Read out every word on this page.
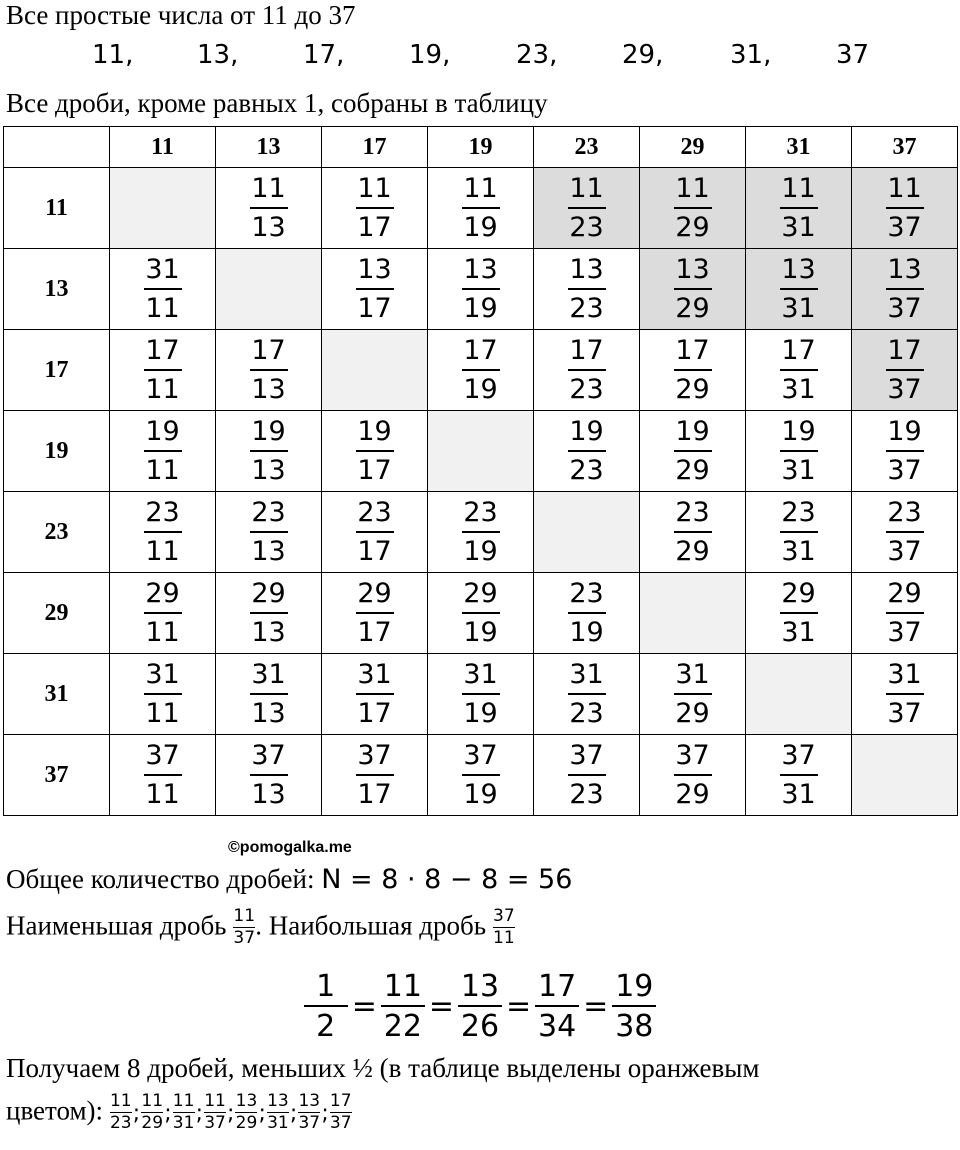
Все простые числа от 11 до 37
11, 13, 17, 19,	23, 29,	31, 37
Все дроби, кроме равных 1, собраны в таблицу
	11	13	17	19	23	29	31	37
11		$\frac{11}{13}$	$\frac{11}{17}$	$\frac{11}{19}$	$\frac{11}{23}$	$\frac{11}{29}$	$\frac{11}{31}$	$\frac{11}{37}$

13	$\frac{31}{11}$		$\frac{13}{17}$	$\frac{13}{19}$	$\frac{13}{23}$	$\frac{13}{29}$	$\frac{13}{31}$	$\frac{13}{37}$

17	$\frac{17}{11}$	$\frac{17}{13}$		$\frac{17}{19}$	$\frac{17}{23}$	$\frac{17}{29}$	$\frac{17}{31}$	$\frac{17}{37}$

19	$\frac{19}{11}$	$\frac{19}{13}$	$\frac{19}{17}$		$\frac{19}{23}$	$\frac{19}{29}$	$\frac{19}{31}$	$\frac{19}{37}$

23	$\frac{23}{11}$	$\frac{23}{13}$	$\frac{23}{17}$	$\frac{23}{19}$		$\frac{23}{29}$	$\frac{23}{31}$	$\frac{23}{37}$

29	$\frac{29}{11}$	$\frac{29}{13}$	$\frac{29}{17}$	$\frac{29}{19}$	$\frac{23}{19}$		$\frac{29}{31}$	$\frac{29}{37}$

31	$\frac{31}{11}$	$\frac{31}{13}$	$\frac{31}{17}$	$\frac{31}{19}$	$\frac{31}{23}$	$\frac{31}{29}$		$\frac{31}{37}$

37	$\frac{37}{11}$	$\frac{37}{13}$	$\frac{37}{17}$	$\frac{37}{19}$	$\frac{37}{23}$	$\frac{37}{29}$	$\frac{37}{31}$

©pomogalka.me
Общее количество дробей: N = 8 · 8 − 8 = 56
Наименьшая дробь $\frac{11}{37}$ . Наибольшая дробь $\frac{37}{11}$
$\frac{1}{2} = \frac{11}{22} = \frac{13}{26} = \frac{17}{34} = \frac{19}{38}$
Получаем 8 дробей, меньших ½ (в таблице выделены оранжевым
цветом): $\frac{11}{23}$ ; $\frac{11}{29}$ ; $\frac{11}{31}$ ; $\frac{11}{37}$ ; $\frac{13}{29}$ ; $\frac{13}{31}$ ; $\frac{13}{37}$ ; $\frac{17}{37}$
